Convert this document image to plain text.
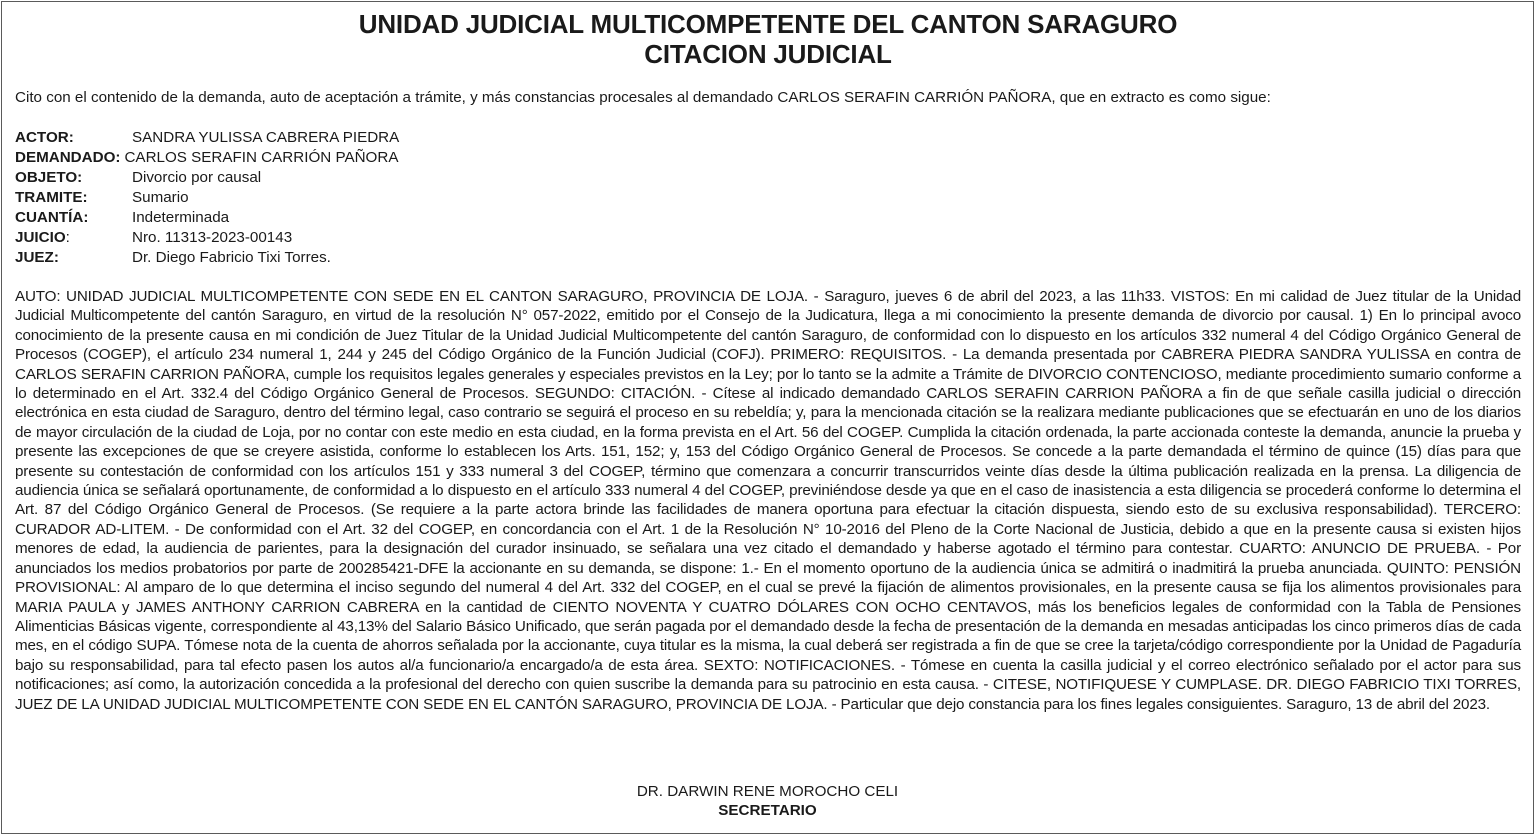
UNIDAD JUDICIAL MULTICOMPETENTE DEL CANTON SARAGURO
CITACION JUDICIAL
Cito con el contenido de la demanda, auto de aceptación a trámite, y más constancias procesales al demandado CARLOS SERAFIN CARRIÓN PAÑORA, que en extracto es como sigue:
ACTOR:	SANDRA YULISSA CABRERA PIEDRA
DEMANDADO: CARLOS SERAFIN CARRIÓN PAÑORA
OBJETO:	Divorcio por causal
TRAMITE:	Sumario
CUANTÍA:	Indeterminada
JUICIO:	Nro. 11313-2023-00143
JUEZ:	Dr. Diego Fabricio Tixi Torres.
AUTO: UNIDAD JUDICIAL MULTICOMPETENTE CON SEDE EN EL CANTON SARAGURO, PROVINCIA DE LOJA. - Saraguro, jueves 6 de abril del 2023, a las 11h33. VISTOS: En mi calidad de Juez titular de la Unidad Judicial Multicompetente del cantón Saraguro, en virtud de la resolución N° 057-2022, emitido por el Consejo de la Judicatura, llega a mi conocimiento la presente demanda de divorcio por causal. 1) En lo principal avoco conocimiento de la presente causa en mi condición de Juez Titular de la Unidad Judicial Multicompetente del cantón Saraguro, de conformidad con lo dispuesto en los artículos 332 numeral 4 del Código Orgánico General de Procesos (COGEP), el artículo 234 numeral 1, 244 y 245 del Código Orgánico de la Función Judicial (COFJ). PRIMERO: REQUISITOS. - La demanda presentada por CABRERA PIEDRA SANDRA YULISSA en contra de CARLOS SERAFIN CARRION PAÑORA, cumple los requisitos legales generales y especiales previstos en la Ley; por lo tanto se la admite a Trámite de DIVORCIO CONTENCIOSO, mediante procedimiento sumario conforme a lo determinado en el Art. 332.4 del Código Orgánico General de Procesos. SEGUNDO: CITACIÓN. - Cítese al indicado demandado CARLOS SERAFIN CARRION PAÑORA a fin de que señale casilla judicial o dirección electrónica en esta ciudad de Saraguro, dentro del término legal, caso contrario se seguirá el proceso en su rebeldía; y, para la mencionada citación se la realizara mediante publicaciones que se efectuarán en uno de los diarios de mayor circulación de la ciudad de Loja, por no contar con este medio en esta ciudad, en la forma prevista en el Art. 56 del COGEP. Cumplida la citación ordenada, la parte accionada conteste la demanda, anuncie la prueba y presente las excepciones de que se creyere asistida, conforme lo establecen los Arts. 151, 152; y, 153 del Código Orgánico General de Procesos. Se concede a la parte demandada el término de quince (15) días para que presente su contestación de conformidad con los artículos 151 y 333 numeral 3 del COGEP, término que comenzara a concurrir transcurridos veinte días desde la última publicación realizada en la prensa. La diligencia de audiencia única se señalará oportunamente, de conformidad a lo dispuesto en el artículo 333 numeral 4 del COGEP, previniéndose desde ya que en el caso de inasistencia a esta diligencia se procederá conforme lo determina el Art. 87 del Código Orgánico General de Procesos. (Se requiere a la parte actora brinde las facilidades de manera oportuna para efectuar la citación dispuesta, siendo esto de su exclusiva responsabilidad). TERCERO: CURADOR AD-LITEM. - De conformidad con el Art. 32 del COGEP, en concordancia con el Art. 1 de la Resolución N° 10-2016 del Pleno de la Corte Nacional de Justicia, debido a que en la presente causa si existen hijos menores de edad, la audiencia de parientes, para la designación del curador insinuado, se señalara una vez citado el demandado y haberse agotado el término para contestar. CUARTO: ANUNCIO DE PRUEBA. - Por anunciados los medios probatorios por parte de 200285421-DFE la accionante en su demanda, se dispone: 1.- En el momento oportuno de la audiencia única se admitirá o inadmitirá la prueba anunciada. QUINTO: PENSIÓN PROVISIONAL: Al amparo de lo que determina el inciso segundo del numeral 4 del Art. 332 del COGEP, en el cual se prevé la fijación de alimentos provisionales, en la presente causa se fija los alimentos provisionales para MARIA PAULA y JAMES ANTHONY CARRION CABRERA en la cantidad de CIENTO NOVENTA Y CUATRO DÓLARES CON OCHO CENTAVOS, más los beneficios legales de conformidad con la Tabla de Pensiones Alimenticias Básicas vigente, correspondiente al 43,13% del Salario Básico Unificado, que serán pagada por el demandado desde la fecha de presentación de la demanda en mesadas anticipadas los cinco primeros días de cada mes, en el código SUPA. Tómese nota de la cuenta de ahorros señalada por la accionante, cuya titular es la misma, la cual deberá ser registrada a fin de que se cree la tarjeta/código correspondiente por la Unidad de Pagaduría bajo su responsabilidad, para tal efecto pasen los autos al/a funcionario/a encargado/a de esta área. SEXTO: NOTIFICACIONES. - Tómese en cuenta la casilla judicial y el correo electrónico señalado por el actor para sus notificaciones; así como, la autorización concedida a la profesional del derecho con quien suscribe la demanda para su patrocinio en esta causa. - CITESE, NOTIFIQUESE Y CUMPLASE. DR. DIEGO FABRICIO TIXI TORRES, JUEZ DE LA UNIDAD JUDICIAL MULTICOMPETENTE CON SEDE EN EL CANTÓN SARAGURO, PROVINCIA DE LOJA. - Particular que dejo constancia para los fines legales consiguientes. Saraguro, 13 de abril del 2023.
DR. DARWIN RENE MOROCHO CELI
SECRETARIO
